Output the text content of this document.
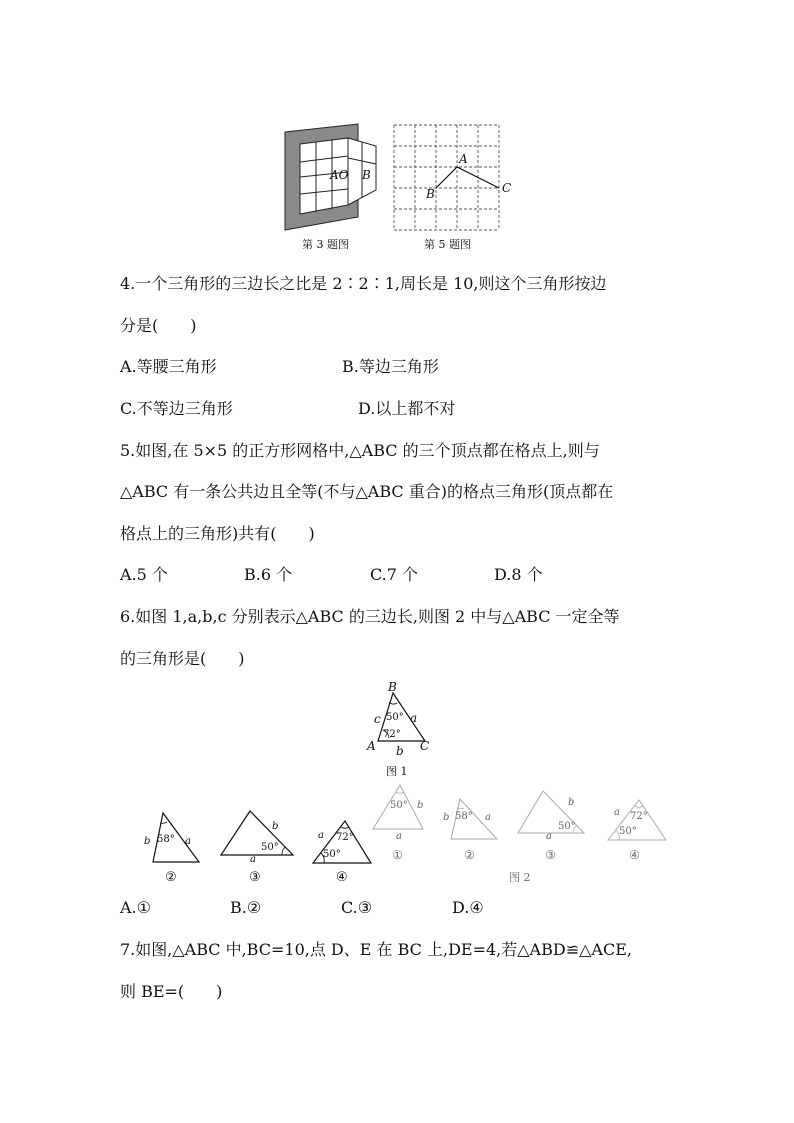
AO B
A
B	C
第 3 题图	第 5 题图
4.一个三角形的三边长之比是 2∶2∶1,周长是 10,则这个三角形按边
分是(　　)
A.等腰三角形	B.等边三角形
C.不等边三角形	D.以上都不对
5.如图,在 5×5 的正方形网格中,△ABC 的三个顶点都在格点上,则与
△ABC 有一条公共边且全等(不与△ABC 重合)的格点三角形(顶点都在
格点上的三角形)共有(　　)
A.5 个	B.6 个	C.7 个	D.8 个
6.如图 1,a,b,c 分别表示△ABC 的三边长,则图 2 中与△ABC 一定全等
的三角形是(　　)
B
c 50° a
72°
A b C
图 1
b 58° a
②
b
50°
a
③
a 72°
50°
④
50° b
a
①
b 58° a
②
b
50°
a
③
a 72°
50°
④
图 2
A.①	B.②	C.③	D.④
7.如图,△ABC 中,BC=10,点 D、E 在 BC 上,DE=4,若△ABD≌△ACE,
则 BE=(　　)
